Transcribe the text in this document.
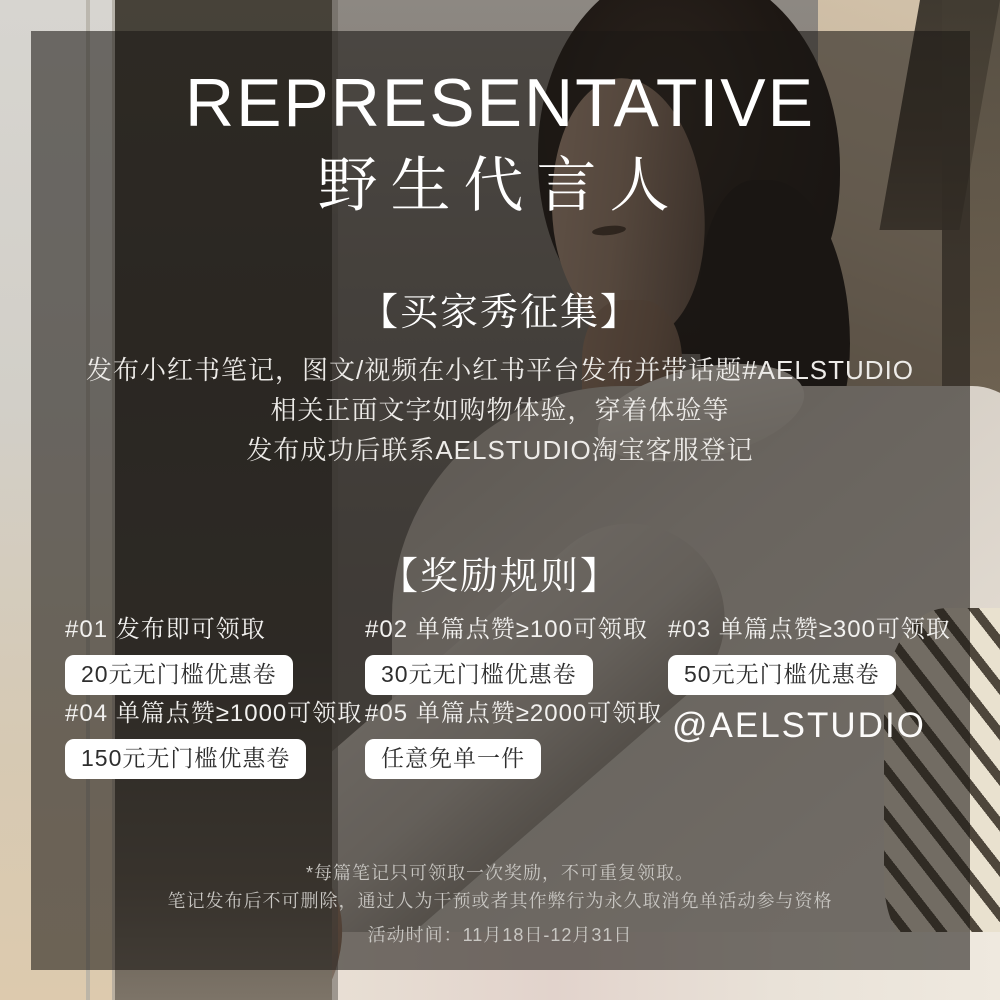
REPRESENTATIVE
野生代言人
【买家秀征集】
发布小红书笔记，图文/视频在小红书平台发布并带话题#AELSTUDIO
相关正面文字如购物体验，穿着体验等
发布成功后联系AELSTUDIO淘宝客服登记
【奖励规则】
#01 发布即可领取
20元无门槛优惠卷
#02 单篇点赞≥100可领取
30元无门槛优惠卷
#03 单篇点赞≥300可领取
50元无门槛优惠卷
#04 单篇点赞≥1000可领取
150元无门槛优惠卷
#05 单篇点赞≥2000可领取
任意免单一件
@AELSTUDIO
*每篇笔记只可领取一次奖励，不可重复领取。
笔记发布后不可删除，通过人为干预或者其作弊行为永久取消免单活动参与资格
活动时间：11月18日-12月31日
